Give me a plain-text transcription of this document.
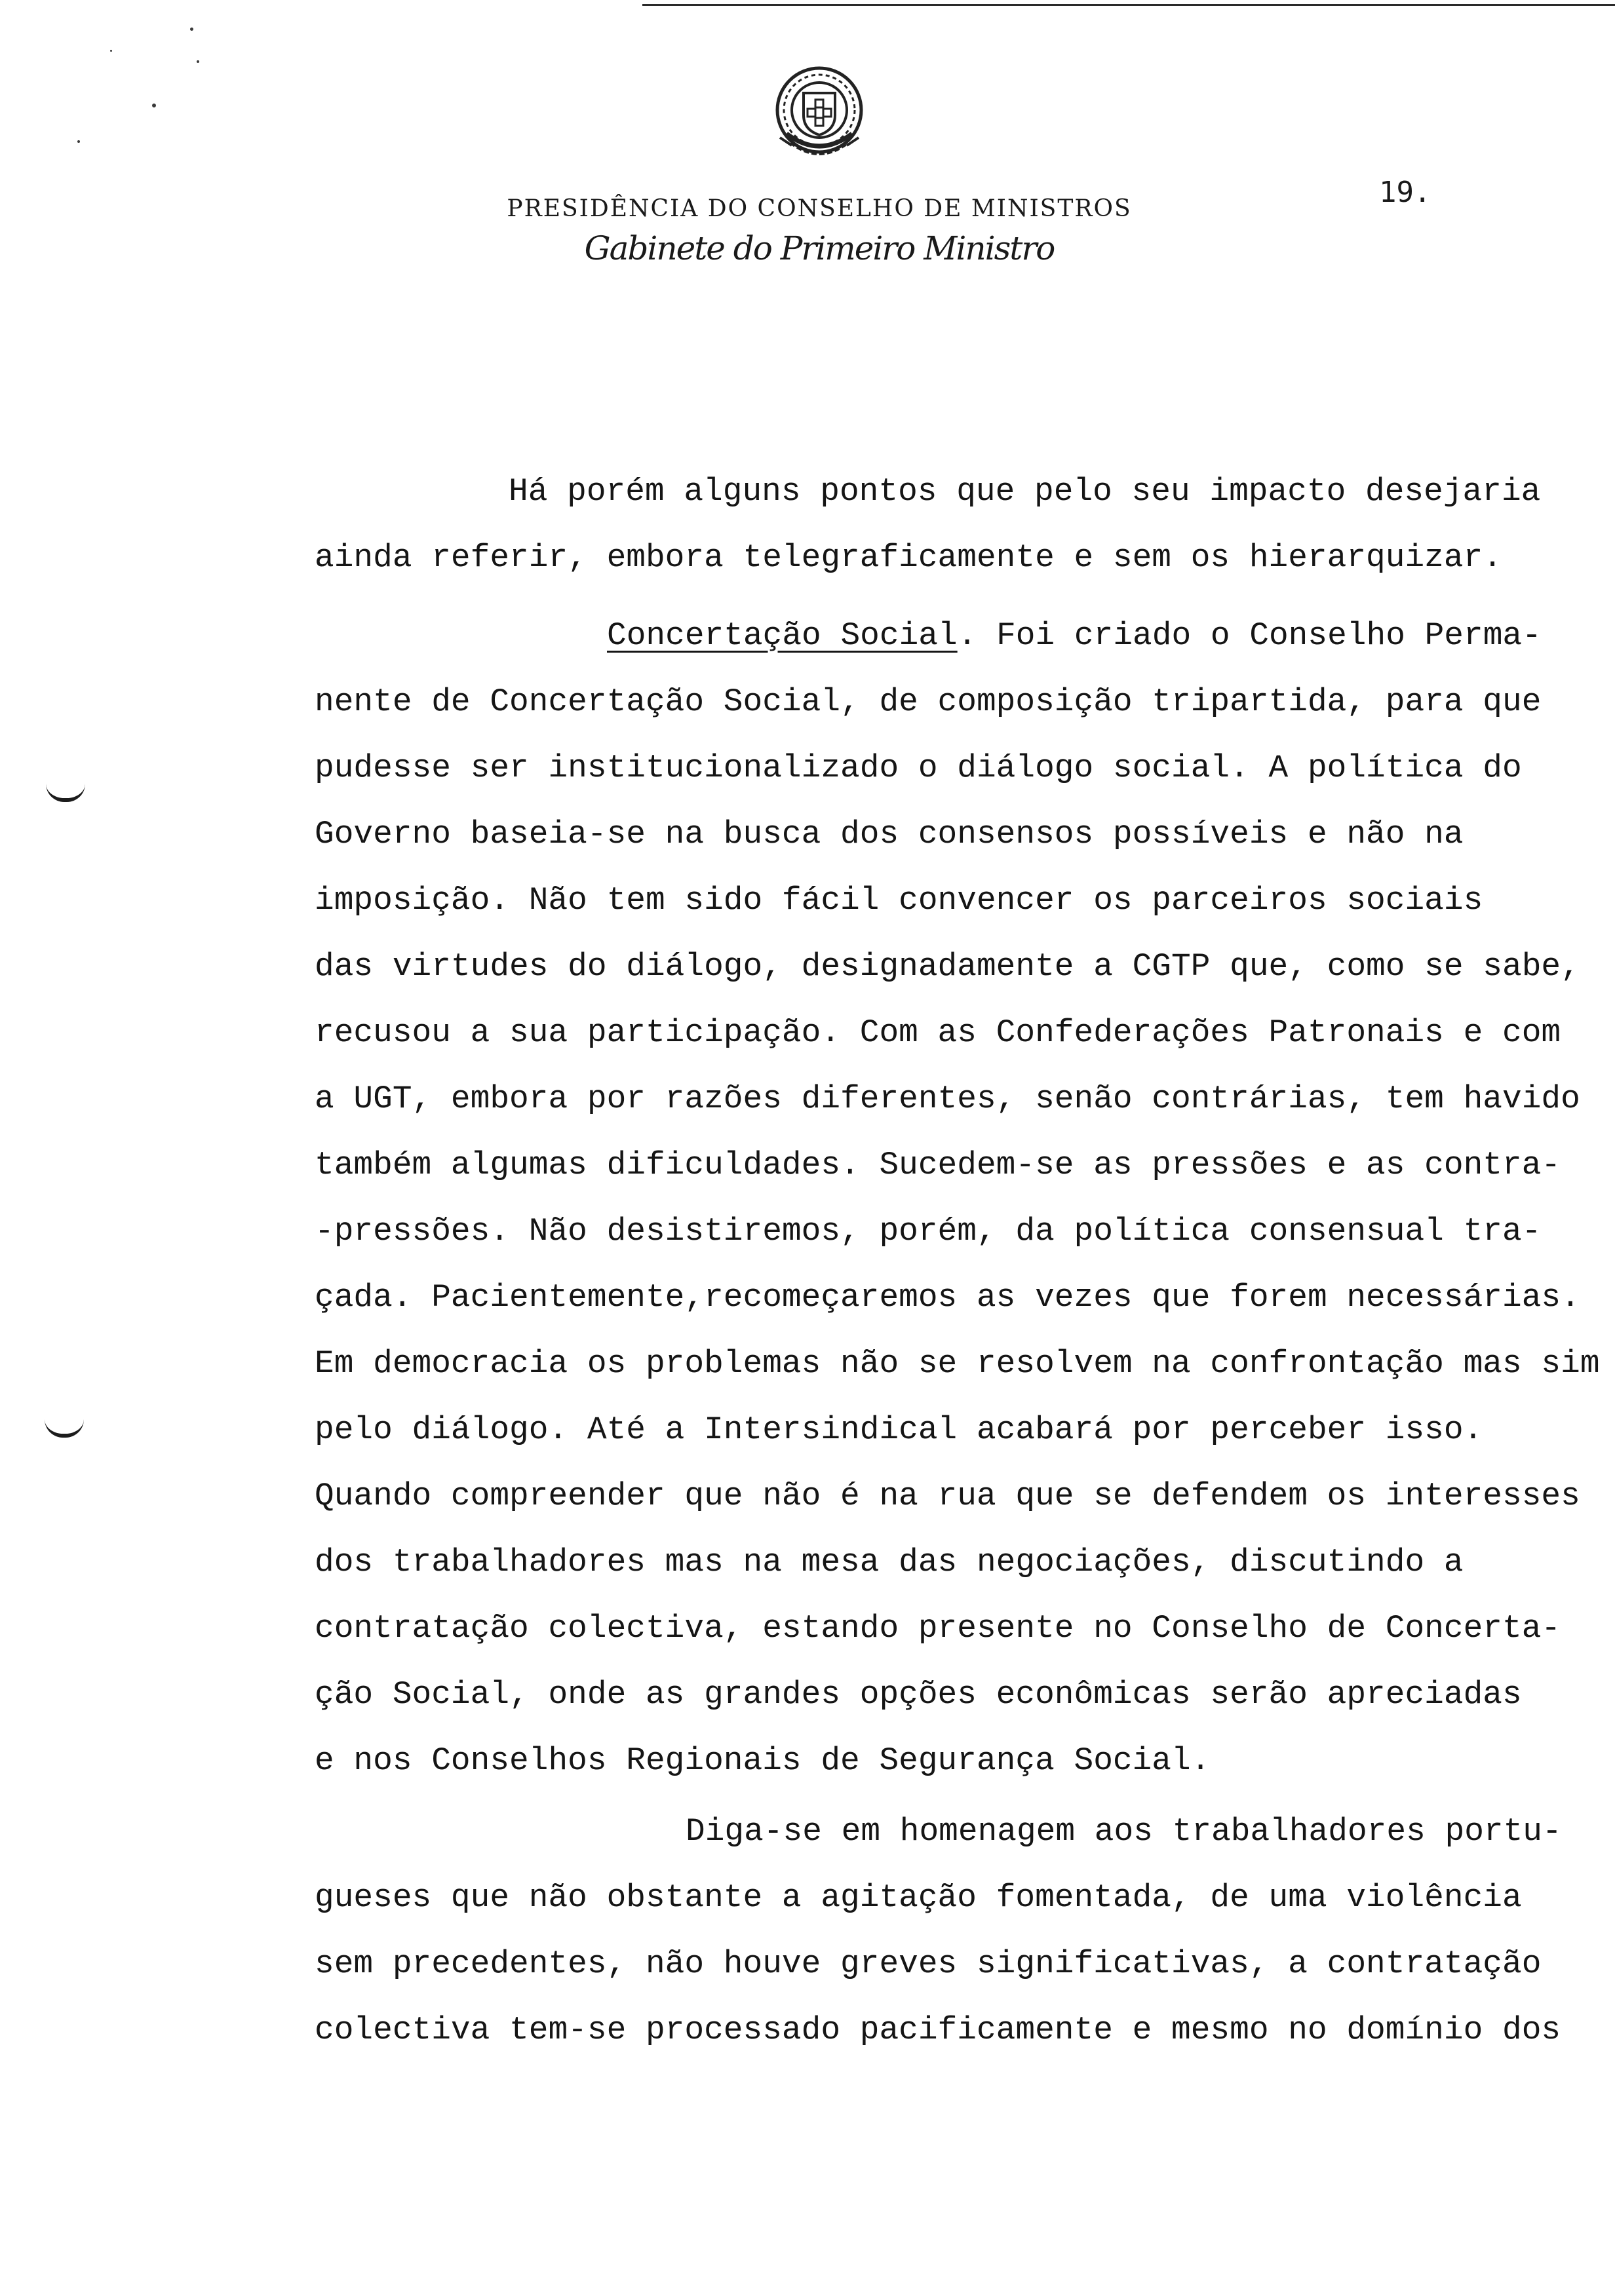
PRESIDÊNCIA DO CONSELHO DE MINISTROS
Gabinete do Primeiro Ministro
19.

Há porém alguns pontos que pelo seu impacto desejaria

ainda referir, embora telegraficamente e sem os hierarquizar.

Concertação Social. Foi criado o Conselho Perma-

nente de Concertação Social, de composição tripartida, para que

pudesse ser institucionalizado o diálogo social. A política do

Governo baseia-se na busca dos consensos possíveis e não na

imposição. Não tem sido fácil convencer os parceiros sociais

das virtudes do diálogo, designadamente a CGTP que, como se sabe,

recusou a sua participação. Com as Confederações Patronais e com

a UGT, embora por razões diferentes, senão contrárias, tem havido

também algumas dificuldades. Sucedem-se as pressões e as contra-

-pressões. Não desistiremos, porém, da política consensual tra-

çada. Pacientemente,recomeçaremos as vezes que forem necessárias.

Em democracia os problemas não se resolvem na confrontação mas sim

pelo diálogo. Até a Intersindical acabará por perceber isso.

Quando compreender que não é na rua que se defendem os interesses

dos trabalhadores mas na mesa das negociações, discutindo a

contratação colectiva, estando presente no Conselho de Concerta-

ção Social, onde as grandes opções econômicas serão apreciadas

e nos Conselhos Regionais de Segurança Social.

Diga-se em homenagem aos trabalhadores portu-

gueses que não obstante a agitação fomentada, de uma violência

sem precedentes, não houve greves significativas, a contratação

colectiva tem-se processado pacificamente e mesmo no domínio dos
